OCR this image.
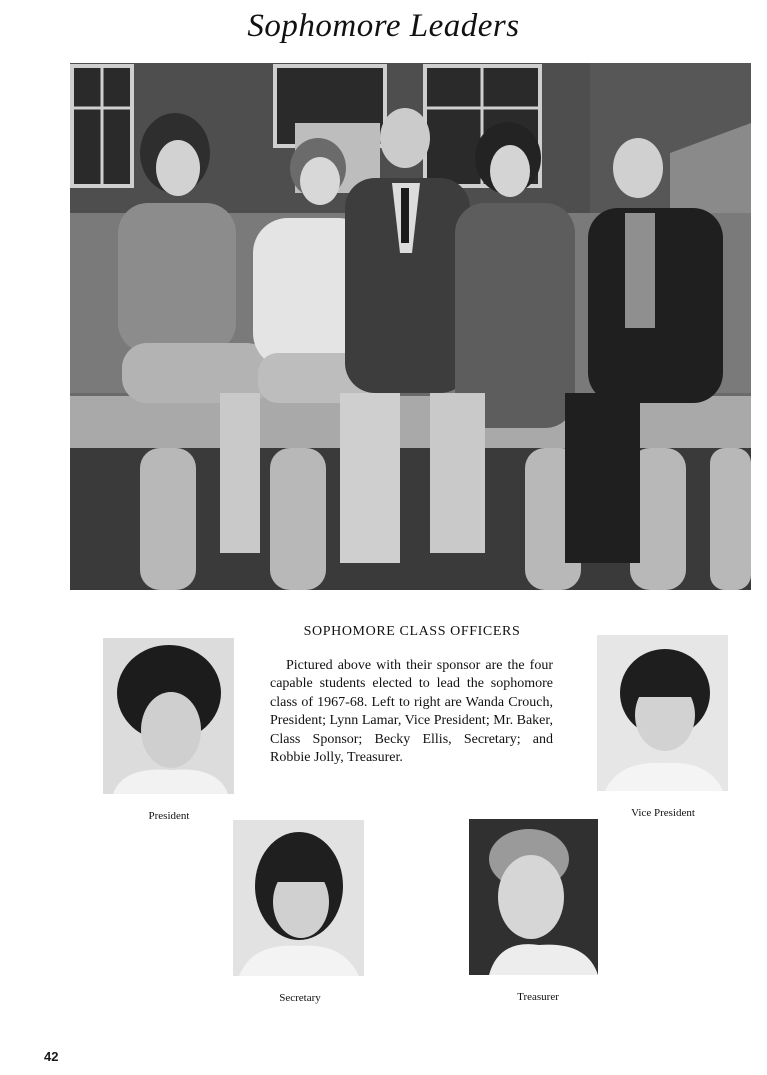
Sophomore Leaders
SOPHOMORE CLASS OFFICERS
Pictured above with their sponsor are the four capable students elected to lead the sophomore class of 1967-68. Left to right are Wanda Crouch, President; Lynn Lamar, Vice President; Mr. Baker, Class Sponsor; Becky Ellis, Secretary; and Robbie Jolly, Treasurer.
President	Vice President
Secretary	Treasurer
42
